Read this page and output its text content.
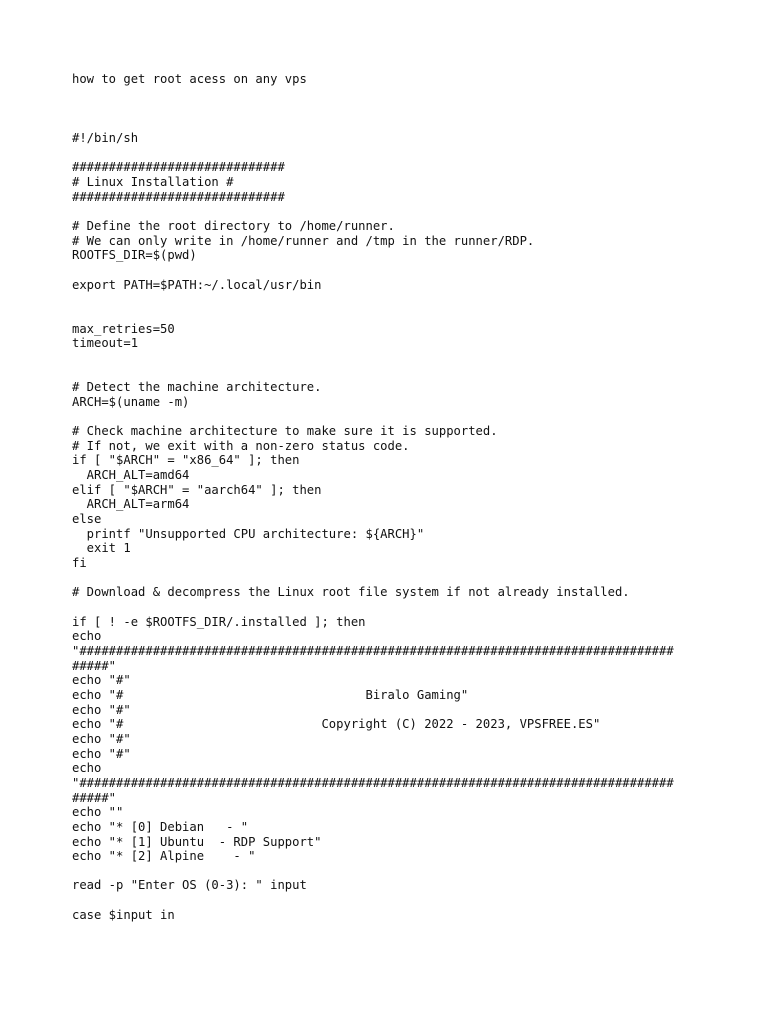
how to get root acess on any vps

#!/bin/sh

#############################
# Linux Installation #
#############################

# Define the root directory to /home/runner.
# We can only write in /home/runner and /tmp in the runner/RDP.
ROOTFS_DIR=$(pwd)

export PATH=$PATH:~/.local/usr/bin

max_retries=50
timeout=1

# Detect the machine architecture.
ARCH=$(uname -m)

# Check machine architecture to make sure it is supported.
# If not, we exit with a non-zero status code.
if [ "$ARCH" = "x86_64" ]; then
ARCH_ALT=amd64
elif [ "$ARCH" = "aarch64" ]; then
ARCH_ALT=arm64
else
printf "Unsupported CPU architecture: ${ARCH}"
exit 1
fi

# Download & decompress the Linux root file system if not already installed.

if [ ! -e $ROOTFS_DIR/.installed ]; then
echo
"#################################################################################
#####"
echo "#"
echo "#                                 Biralo Gaming"
echo "#"
echo "#                           Copyright (C) 2022 - 2023, VPSFREE.ES"
echo "#"
echo "#"
echo
"#################################################################################
#####"
echo ""
echo "* [0] Debian   - "
echo "* [1] Ubuntu  - RDP Support"
echo "* [2] Alpine    - "

read -p "Enter OS (0-3): " input

case $input in
